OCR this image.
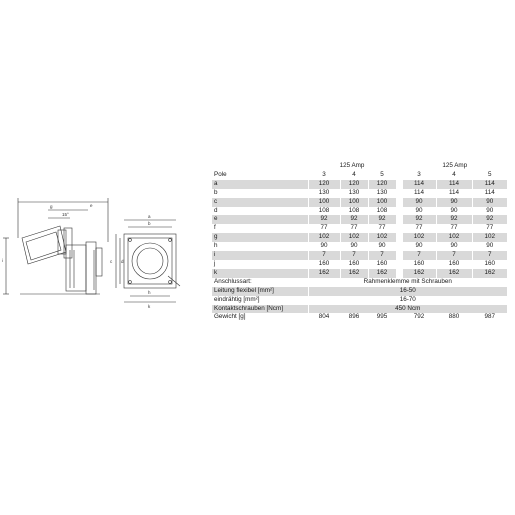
a
b
c d
e
g
h
i
k
15°
	125 Amp				125 Amp		
Pole	3	4	5		3	4	5
a	120	120	120		114	114	114
b	130	130	130		114	114	114
c	100	100	100		90	90	90
d	108	108	108		90	90	90
e	92	92	92		92	92	92
f	77	77	77		77	77	77
g	102	102	102		102	102	102
h	90	90	90		90	90	90
i	7	7	7		7	7	7
j	160	160	160		160	160	160
k	162	162	162		162	162	162
Anschlussart:	Rahmenklemme mit Schrauben						
Leitung flexibel [mm²]	16-50						
eindrähtig [mm²]	16-70						
Kontaktschrauben [Ncm]	450 Ncm						
Gewicht [g]	804	896	995		792	880	987
